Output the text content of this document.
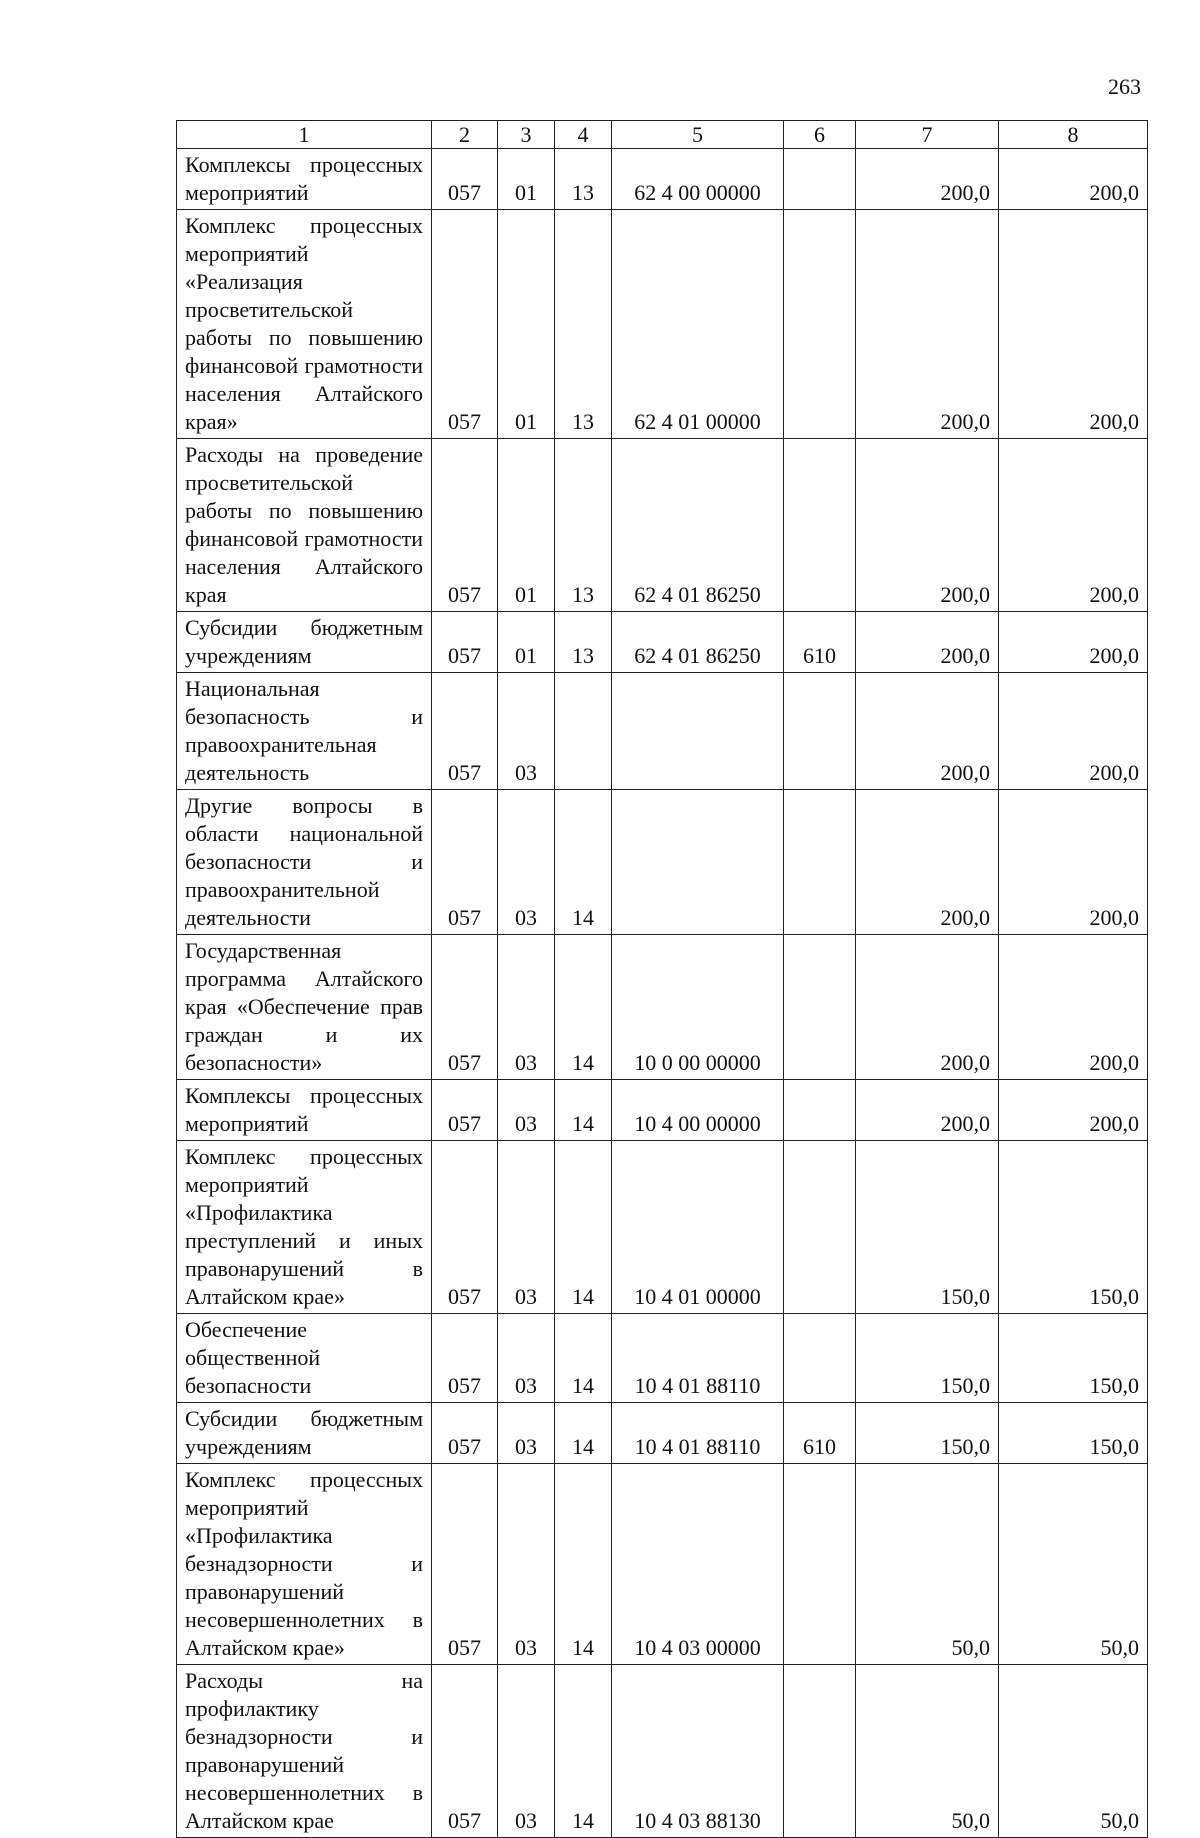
263
1	2	3	4	5	6	7	8
Комплексы процессных мероприятий	057	01	13	62 4 00 00000		200,0	200,0
Комплекс процессных мероприятий «Реализация просветительской работы по повышению финансовой грамотности населения Алтайского края»	057	01	13	62 4 01 00000		200,0	200,0
Расходы на проведение просветительской работы по повышению финансовой грамотности населения Алтайского края	057	01	13	62 4 01 86250		200,0	200,0
Субсидии бюджетным учреждениям	057	01	13	62 4 01 86250	610	200,0	200,0
Национальная безопасность и правоохранительная деятельность	057	03				200,0	200,0
Другие вопросы в области национальной безопасности и правоохранительной деятельности	057	03	14			200,0	200,0
Государственная программа Алтайского края «Обеспечение прав граждан и их безопасности»	057	03	14	10 0 00 00000		200,0	200,0
Комплексы процессных мероприятий	057	03	14	10 4 00 00000		200,0	200,0
Комплекс процессных мероприятий «Профилактика преступлений и иных правонарушений в Алтайском крае»	057	03	14	10 4 01 00000		150,0	150,0
Обеспечение общественной безопасности	057	03	14	10 4 01 88110		150,0	150,0
Субсидии бюджетным учреждениям	057	03	14	10 4 01 88110	610	150,0	150,0
Комплекс процессных мероприятий «Профилактика безнадзорности и правонарушений несовершеннолетних в Алтайском крае»	057	03	14	10 4 03 00000		50,0	50,0
Расходы на профилактику безнадзорности и правонарушений несовершеннолетних в Алтайском крае	057	03	14	10 4 03 88130		50,0	50,0
